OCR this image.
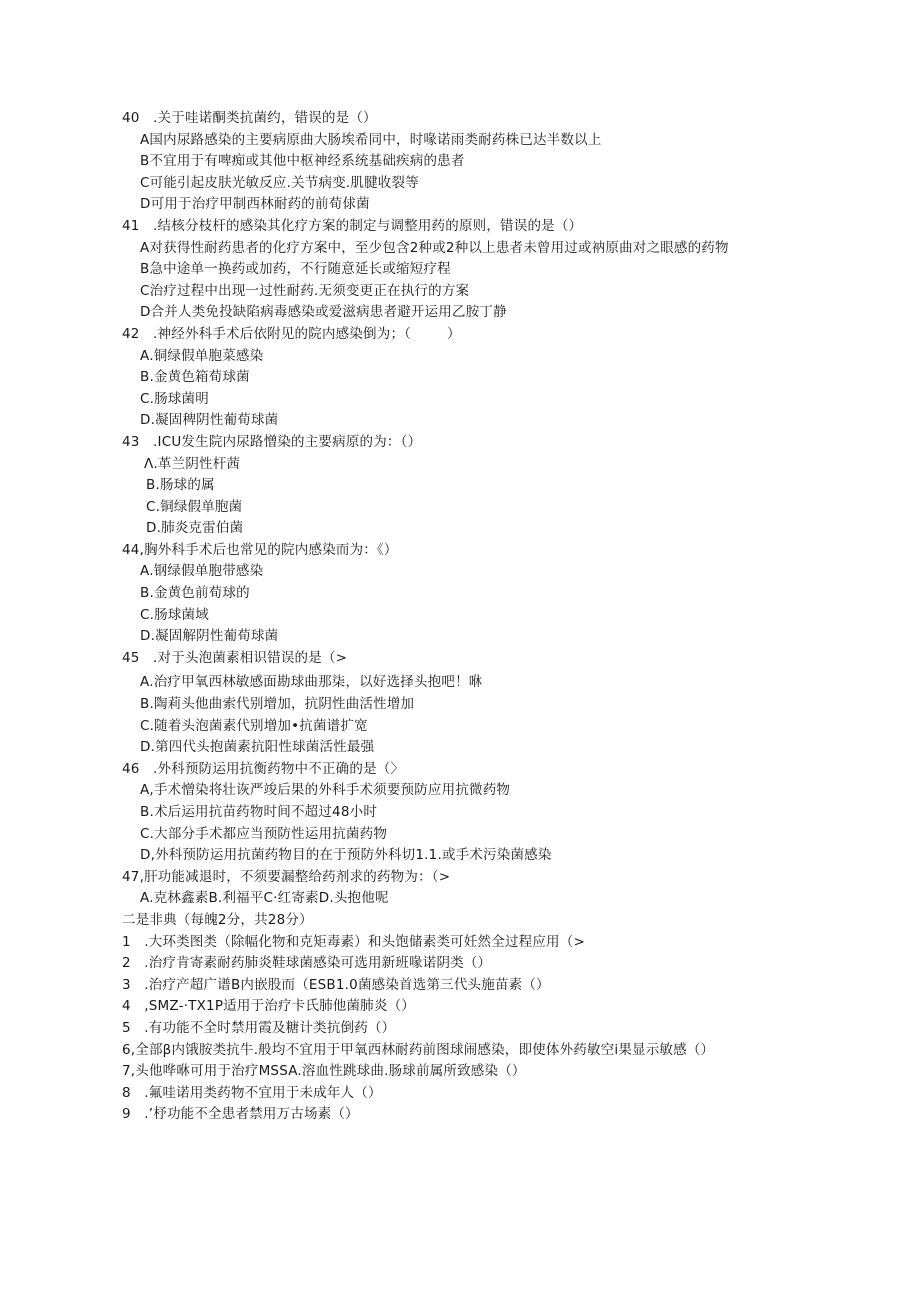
40   .关于哇诺酮类抗菌约，错误的是（）
A国内尿路感染的主要病原曲大肠埃希同中，时喙诺雨类耐药株已达半数以上
B不宜用于有啤痴或其他中枢神经系统基础疾病的患者
C可能引起皮肤光敏反应.关节病变.肌腱收裂等
D可用于治疗甲制西林耐药的前荀俅菌
41   .结核分枝杆的感染其化疗方案的制定与调整用药的原则，错误的是（）
A对获得性耐药患者的化疗方案中，至少包含2种或2种以上患者未曾用过或衲原曲对之眼感的药物
B急中途单一换药或加药，不行随意延长或缩短疗程
C治疗过程中出现一过性耐药.无须变更正在执行的方案
D合并人类免投缺陷病毒感染或爱滋病患者避开运用乙胺丁静
42   .神经外科手术后依附见的院内感染倒为；（        ）
A.铜绿假单胞菜感染
B.金黄色箱荀球菌
C.肠球菌明
D.凝固稗阴性葡荀球菌
43   .ICU发生院内尿路憎染的主要病原的为：（）
Λ.革兰阴性杆茜
B.肠球的属
C.铜绿假单胞菌
D.肺炎克雷伯菌
44,胸外科手术后也常见的院内感染而为：《）
A.钢绿假单胞带感染
B.金黄色前荀球的
C.肠球菌域
D.凝固解阴性葡荀球菌
45   .对于头泡菌素相识错误的是（>
A.治疗甲氧西林敏感面勘球曲那柒，以好选择头抱吧！咻
B.陶莉头他曲索代别增加，抗阴性曲活性增加
C.随着头泡菌素代别增加•抗菌谱扩宽
D.第四代头抱菌素抗阳性球菌活性最强
46   .外科预防运用抗衡药物中不正确的是（〉
A,手术憎染将壮诙严竣后果的外科手术须要预防应用抗微药物
B.术后运用抗苗药物时间不超过48小时
C.大部分手术都应当预防性运用抗菌药物
D,外科预防运用抗菌药物目的在于预防外科切1.1.或手术污染菌感染
47,肝功能减退时，不须要漏整给药剂求的药物为：（>
A.克林鑫素B.利福平C·红寄素D.头抱他呢
二是非典（每魄2分，共28分）
1   .大环类图类（除幅化物和克矩毒素）和头饱储素类可妊然全过程应用（>
2   .治疗肯寄素耐药肺炎鞋球菌感染可选用新班喙诺阴类（）
3   .治疗产超广谱B内嵌股而（ESB1.0菌感染首选第三代头施苗素（）
4   ,SMZ-·TX1P适用于治疗卡氏肺他菌肺炎（）
5   .有功能不全时禁用霞及糖计类抗倒药（）
6,全部β内饿胺类抗牛.般均不宜用于甲氧西林耐药前图球闹感染，即使体外药敏空i果显示敏感（）
7,头他哗咻可用于治疗MSSA.溶血性跳球曲.肠球前属所致感染（）
8   .氟哇诺用类药物不宜用于未成年人（）
9   .’杼功能不全患者禁用万古场素（）
